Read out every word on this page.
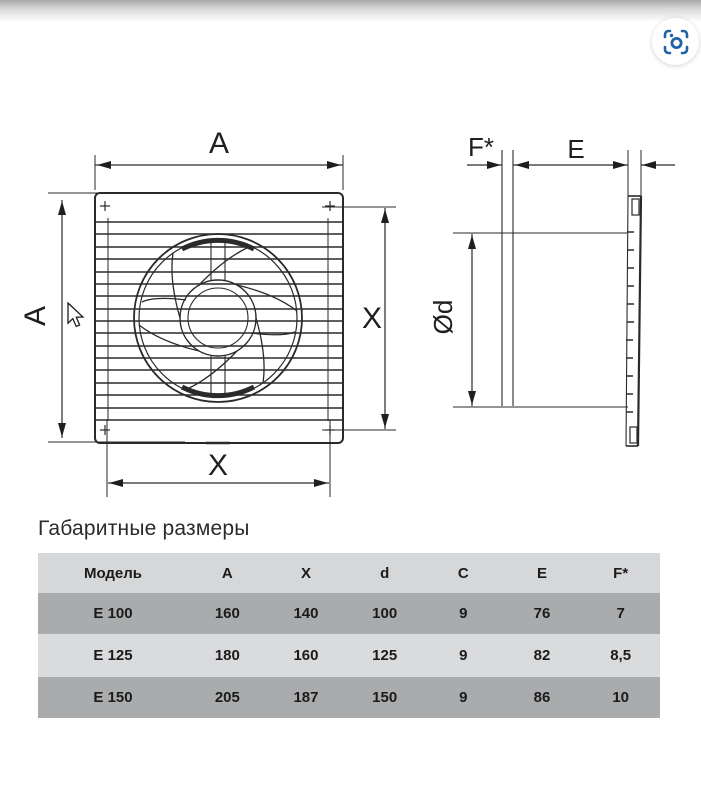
A
A	X
X
F*	E
Ød
Габаритные размеры
Модель	A	X	d	C	E	F*
E 100	160	140	100	9	76	7
E 125	180	160	125	9	82	8,5
E 150	205	187	150	9	86	10
